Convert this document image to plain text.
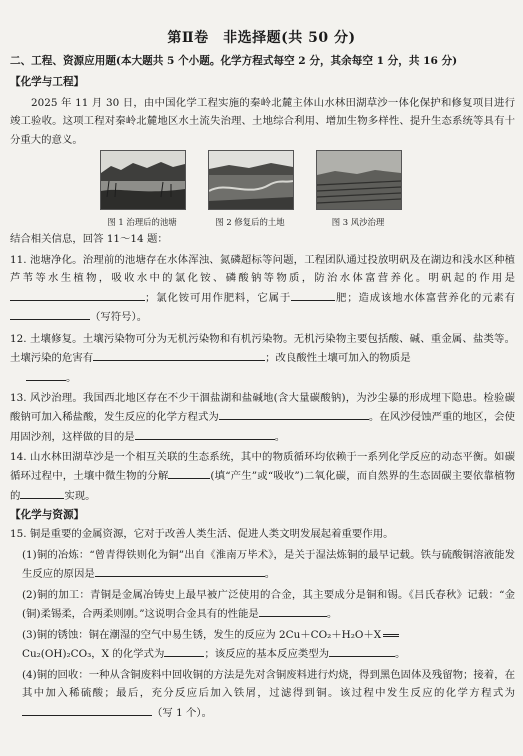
第Ⅱ卷　非选择题(共 50 分)
二、工程、资源应用题(本大题共 5 个小题。化学方程式每空 2 分，其余每空 1 分，共 16 分)
【化学与工程】
2025 年 11 月 30 日，由中国化学工程实施的秦岭北麓主体山水林田湖草沙一体化保护和修复项目进行竣工验收。这项工程对秦岭北麓地区水土流失治理、土地综合利用、增加生物多样性、提升生态系统等具有十分重大的意义。
图 1 治理后的池塘	图 2 修复后的土地	图 3 风沙治理
结合相关信息，回答 11～14 题：
11. 池塘净化。治理前的池塘存在水体浑浊、氮磷超标等问题，工程团队通过投放明矾及在湖边和浅水区种植芦苇等水生植物，吸收水中的氯化铵、磷酸钠等物质，防治水体富营养化。明矾起的作用是；氯化铵可用作肥料，它属于	肥；造成该地水体富营养化的元素有（写符号）。
12. 土壤修复。土壤污染物可分为无机污染物和有机污染物。无机污染物主要包括酸、碱、重金属、盐类等。土壤污染的危害有	；改良酸性土壤可加入的物质是
。
13. 风沙治理。我国西北地区存在不少干涸盐湖和盐碱地(含大量碳酸钠)，为沙尘暴的形成埋下隐患。检验碳酸钠可加入稀盐酸，发生反应的化学方程式为	。在风沙侵蚀严重的地区，会使用固沙剂，这样做的目的是	。
14. 山水林田湖草沙是一个相互关联的生态系统，其中的物质循环均依赖于一系列化学反应的动态平衡。如碳循环过程中，土壤中微生物的分解	(填“产生”或“吸收”)二氧化碳，而自然界的生态固碳主要依靠植物的	实现。
【化学与资源】
15. 铜是重要的金属资源，它对于改善人类生活、促进人类文明发展起着重要作用。
(1)铜的冶炼：“曾青得铁则化为铜”出自《淮南万毕术》，是关于湿法炼铜的最早记载。铁与硫酸铜溶液能发生反应的原因是	。
(2)铜的加工：青铜是金属冶铸史上最早被广泛使用的合金，其主要成分是铜和锡。《吕氏春秋》记载：“金(铜)柔锡柔，合两柔则刚。”这说明合金具有的性能是	。
(3)铜的锈蚀：铜在潮湿的空气中易生锈，发生的反应为 2Cu＋CO₂＋H₂O＋X
Cu₂(OH)₂CO₃，X 的化学式为	；该反应的基本反应类型为	。
(4)铜的回收：一种从含铜废料中回收铜的方法是先对含铜废料进行灼烧，得到黑色固体及残留物；接着，在其中加入稀硫酸；最后，充分反应后加入铁屑，过滤得到铜。该过程中发生反应的化学方程式为（写 1 个）。
